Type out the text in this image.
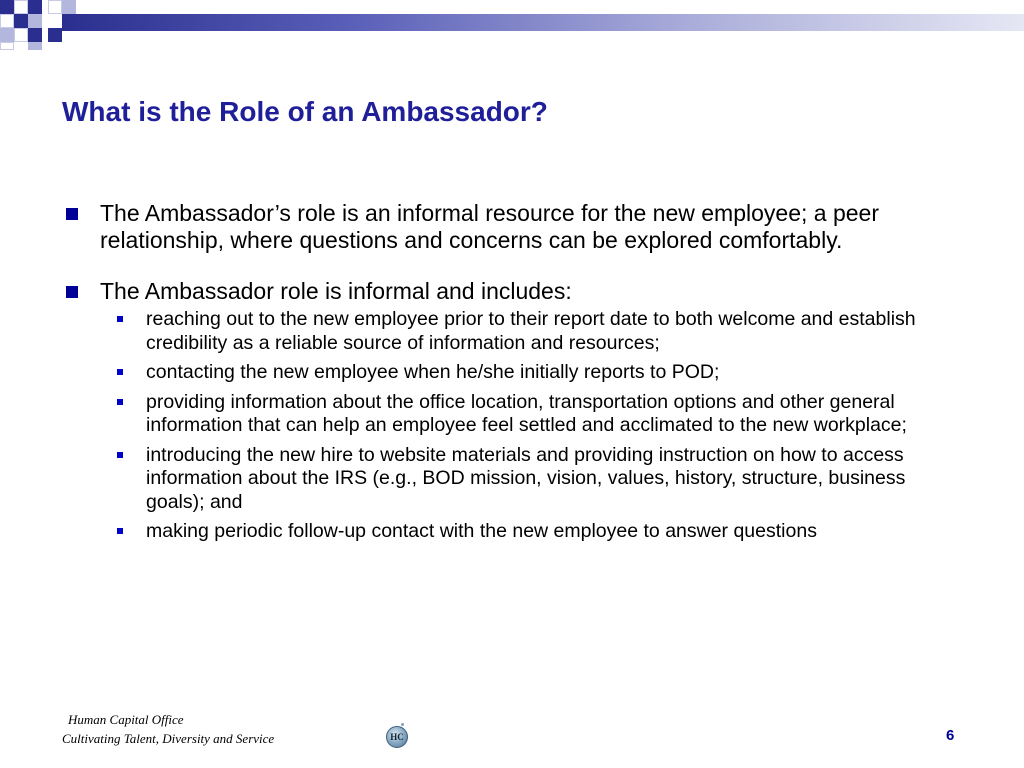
What is the Role of an Ambassador?
The Ambassador’s role is an informal resource for the new employee; a peer relationship, where questions and concerns can be explored comfortably.
The Ambassador role is informal and includes:
reaching out to the new employee prior to their report date to both welcome and establish credibility as a reliable source of information and resources;
contacting the new employee when he/she initially reports to POD;
providing information about the office location, transportation options and other general information that can help an employee feel settled and acclimated to the new workplace;
introducing the new hire to website materials and providing instruction on how to access information about the IRS (e.g., BOD mission, vision, values, history, structure, business goals); and
making periodic follow-up contact with the new employee to answer questions
Human Capital Office
Cultivating Talent, Diversity and Service	HC	6
